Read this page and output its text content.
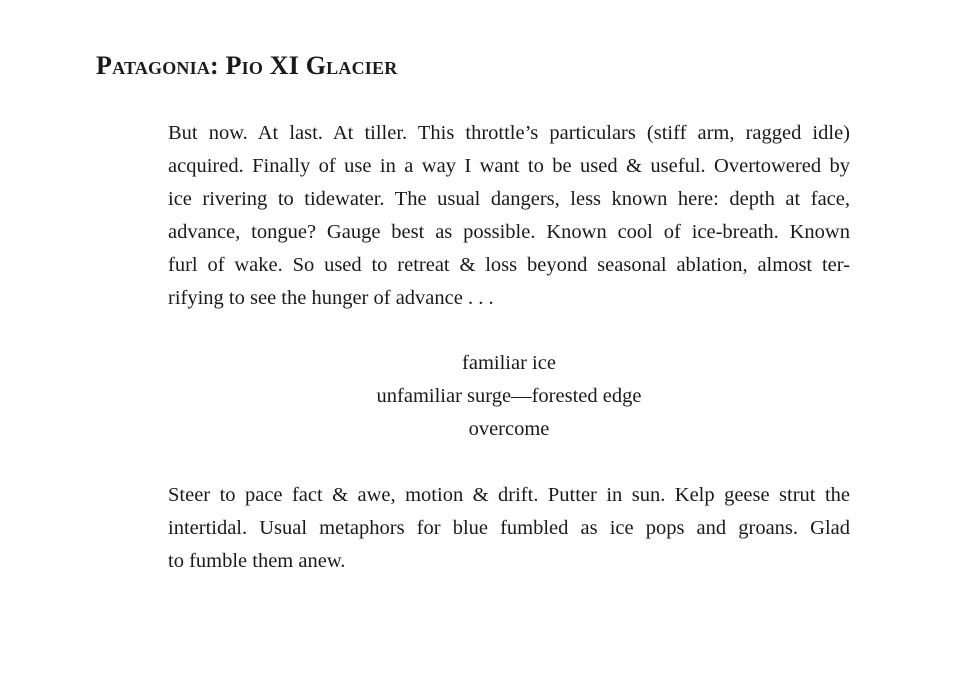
Patagonia: Pio XI Glacier
But now. At last. At tiller. This throttle’s particulars (stiff arm, ragged idle)
acquired. Finally of use in a way I want to be used & useful. Overtowered by
ice rivering to tidewater. The usual dangers, less known here: depth at face,
advance, tongue? Gauge best as possible. Known cool of ice-breath. Known
furl of wake. So used to retreat & loss beyond seasonal ablation, almost ter-
rifying to see the hunger of advance . . .
familiar ice
unfamiliar surge—forested edge
overcome
Steer to pace fact & awe, motion & drift. Putter in sun. Kelp geese strut the
intertidal. Usual metaphors for blue fumbled as ice pops and groans. Glad
to fumble them anew.
